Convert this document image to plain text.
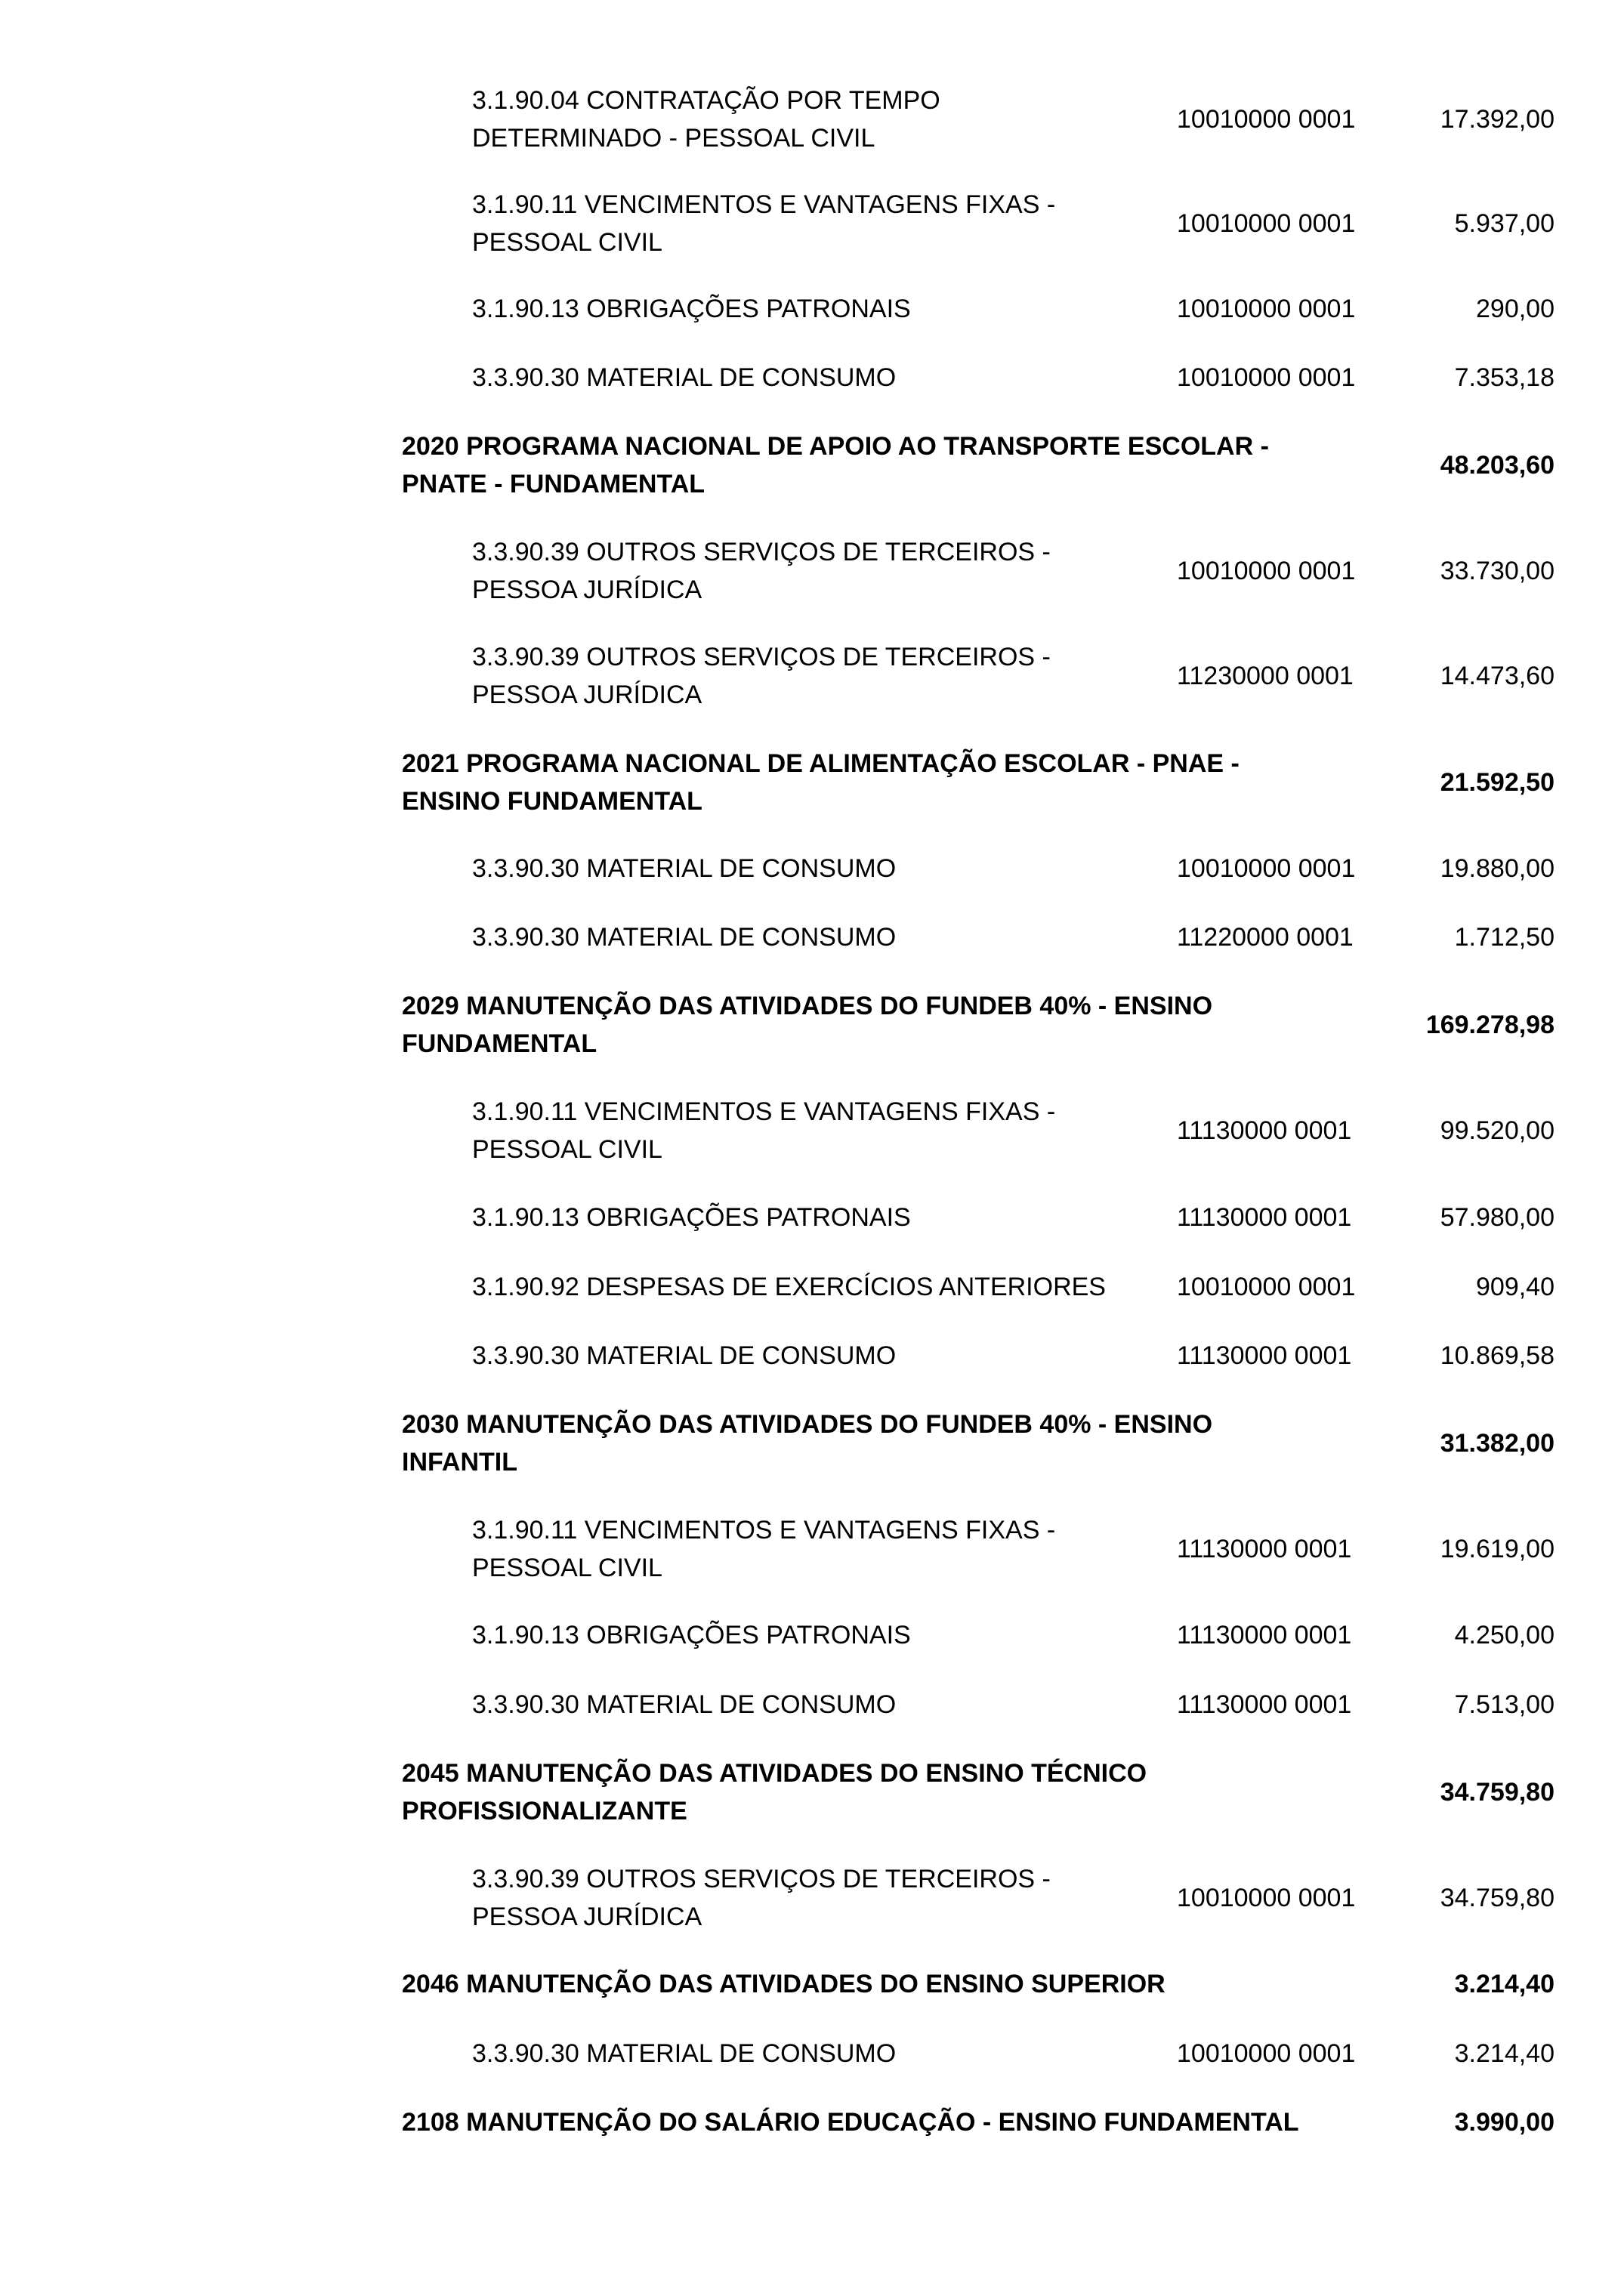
3.1.90.04 CONTRATAÇÃO POR TEMPO
DETERMINADO - PESSOAL CIVIL
10010000 0001	17.392,00
3.1.90.11 VENCIMENTOS E VANTAGENS FIXAS -
PESSOAL CIVIL
10010000 0001	5.937,00
3.1.90.13 OBRIGAÇÕES PATRONAIS	10010000 0001	290,00
3.3.90.30 MATERIAL DE CONSUMO	10010000 0001	7.353,18
2020 PROGRAMA NACIONAL DE APOIO AO TRANSPORTE ESCOLAR -
PNATE - FUNDAMENTAL
48.203,60
3.3.90.39 OUTROS SERVIÇOS DE TERCEIROS -
PESSOA JURÍDICA
10010000 0001	33.730,00
3.3.90.39 OUTROS SERVIÇOS DE TERCEIROS -
PESSOA JURÍDICA
11230000 0001	14.473,60
2021 PROGRAMA NACIONAL DE ALIMENTAÇÃO ESCOLAR - PNAE -
ENSINO FUNDAMENTAL
21.592,50
3.3.90.30 MATERIAL DE CONSUMO	10010000 0001	19.880,00
3.3.90.30 MATERIAL DE CONSUMO	11220000 0001	1.712,50
2029 MANUTENÇÃO DAS ATIVIDADES DO FUNDEB 40% - ENSINO
FUNDAMENTAL
169.278,98
3.1.90.11 VENCIMENTOS E VANTAGENS FIXAS -
PESSOAL CIVIL
11130000 0001	99.520,00
3.1.90.13 OBRIGAÇÕES PATRONAIS	11130000 0001	57.980,00
3.1.90.92 DESPESAS DE EXERCÍCIOS ANTERIORES	10010000 0001	909,40
3.3.90.30 MATERIAL DE CONSUMO	11130000 0001	10.869,58
2030 MANUTENÇÃO DAS ATIVIDADES DO FUNDEB 40% - ENSINO
INFANTIL
31.382,00
3.1.90.11 VENCIMENTOS E VANTAGENS FIXAS -
PESSOAL CIVIL
11130000 0001	19.619,00
3.1.90.13 OBRIGAÇÕES PATRONAIS	11130000 0001	4.250,00
3.3.90.30 MATERIAL DE CONSUMO	11130000 0001	7.513,00
2045 MANUTENÇÃO DAS ATIVIDADES DO ENSINO TÉCNICO
PROFISSIONALIZANTE
34.759,80
3.3.90.39 OUTROS SERVIÇOS DE TERCEIROS -
PESSOA JURÍDICA
10010000 0001	34.759,80
2046 MANUTENÇÃO DAS ATIVIDADES DO ENSINO SUPERIOR	3.214,40
3.3.90.30 MATERIAL DE CONSUMO	10010000 0001	3.214,40
2108 MANUTENÇÃO DO SALÁRIO EDUCAÇÃO - ENSINO FUNDAMENTAL	3.990,00
